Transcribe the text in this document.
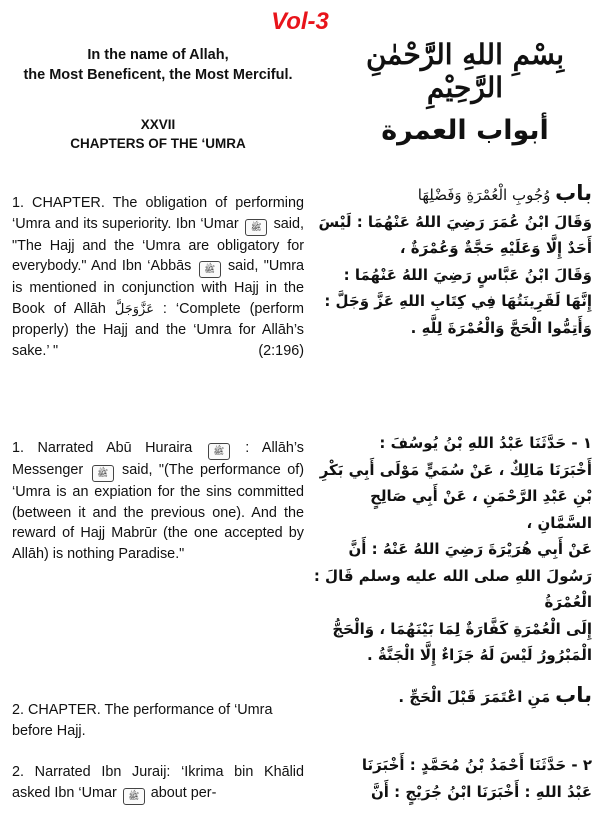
Vol-3
In the name of Allah,
the Most Beneficent, the Most Merciful.
بِسْمِ اللهِ الرَّحْمٰنِ الرَّحِيْمِ
XXVII
CHAPTERS OF THE ‘UMRA	أبواب العمرة
1. CHAPTER. The obligation of performing ‘Umra and its superiority. Ibn ‘Umar ﷺ said, "The Hajj and the ‘Umra are obligatory for everybody." And Ibn ‘Abbās ﷺ said, "Umra is mentioned in conjunction with Hajj in the Book of Allāh عَزَّوَجَلَّ : ‘Complete (perform properly) the Hajj and the ‘Umra for Allāh’s sake.’ "	(2:196)
باب وُجُوبِ الْعُمْرَةِ وَفَضْلِهَا
وَقَالَ ابْنُ عُمَرَ رَضِيَ اللهُ عَنْهُمَا : لَيْسَ
أَحَدٌ إِلَّا وَعَلَيْهِ حَجَّةٌ وَعُمْرَةٌ ،
وَقَالَ ابْنُ عَبَّاسٍ رَضِيَ اللهُ عَنْهُمَا :
إِنَّهَا لَقَرِينَتُهَا فِي كِتَابِ اللهِ عَزَّ وَجَلَّ :
وَأَتِمُّوا الْحَجَّ وَالْعُمْرَةَ لِلَّهِ .
1. Narrated Abū Huraira ﷺ : Allāh’s Messenger ﷺ said, "(The performance of) ‘Umra is an expiation for the sins committed (between it and the previous one). And the reward of Hajj Mabrūr (the one accepted by Allāh) is nothing Paradise."
١ - حَدَّثَنَا عَبْدُ اللهِ بْنُ يُوسُفَ :
أَخْبَرَنَا مَالِكٌ ، عَنْ سُمَيٍّ مَوْلَى أَبِي بَكْرِ
بْنِ عَبْدِ الرَّحْمَنِ ، عَنْ أَبِي صَالِحٍ السَّمَّانِ ،
عَنْ أَبِي هُرَيْرَةَ رَضِيَ اللهُ عَنْهُ : أَنَّ
رَسُولَ اللهِ صلى الله عليه وسلم قَالَ : الْعُمْرَةُ
إِلَى الْعُمْرَةِ كَفَّارَةٌ لِمَا بَيْنَهُمَا ، وَالْحَجُّ
الْمَبْرُورُ لَيْسَ لَهُ جَزَاءٌ إِلَّا الْجَنَّةُ .
2. CHAPTER. The performance of ‘Umra before Hajj.
باب مَنِ اعْتَمَرَ قَبْلَ الْحَجِّ .
2. Narrated Ibn Juraij: ‘Ikrima bin Khālid asked Ibn ‘Umar ﷺ about per-
٢ - حَدَّثَنَا أَحْمَدُ بْنُ مُحَمَّدٍ : أَخْبَرَنَا
عَبْدُ اللهِ : أَخْبَرَنَا ابْنُ جُرَيْجٍ : أَنَّ
